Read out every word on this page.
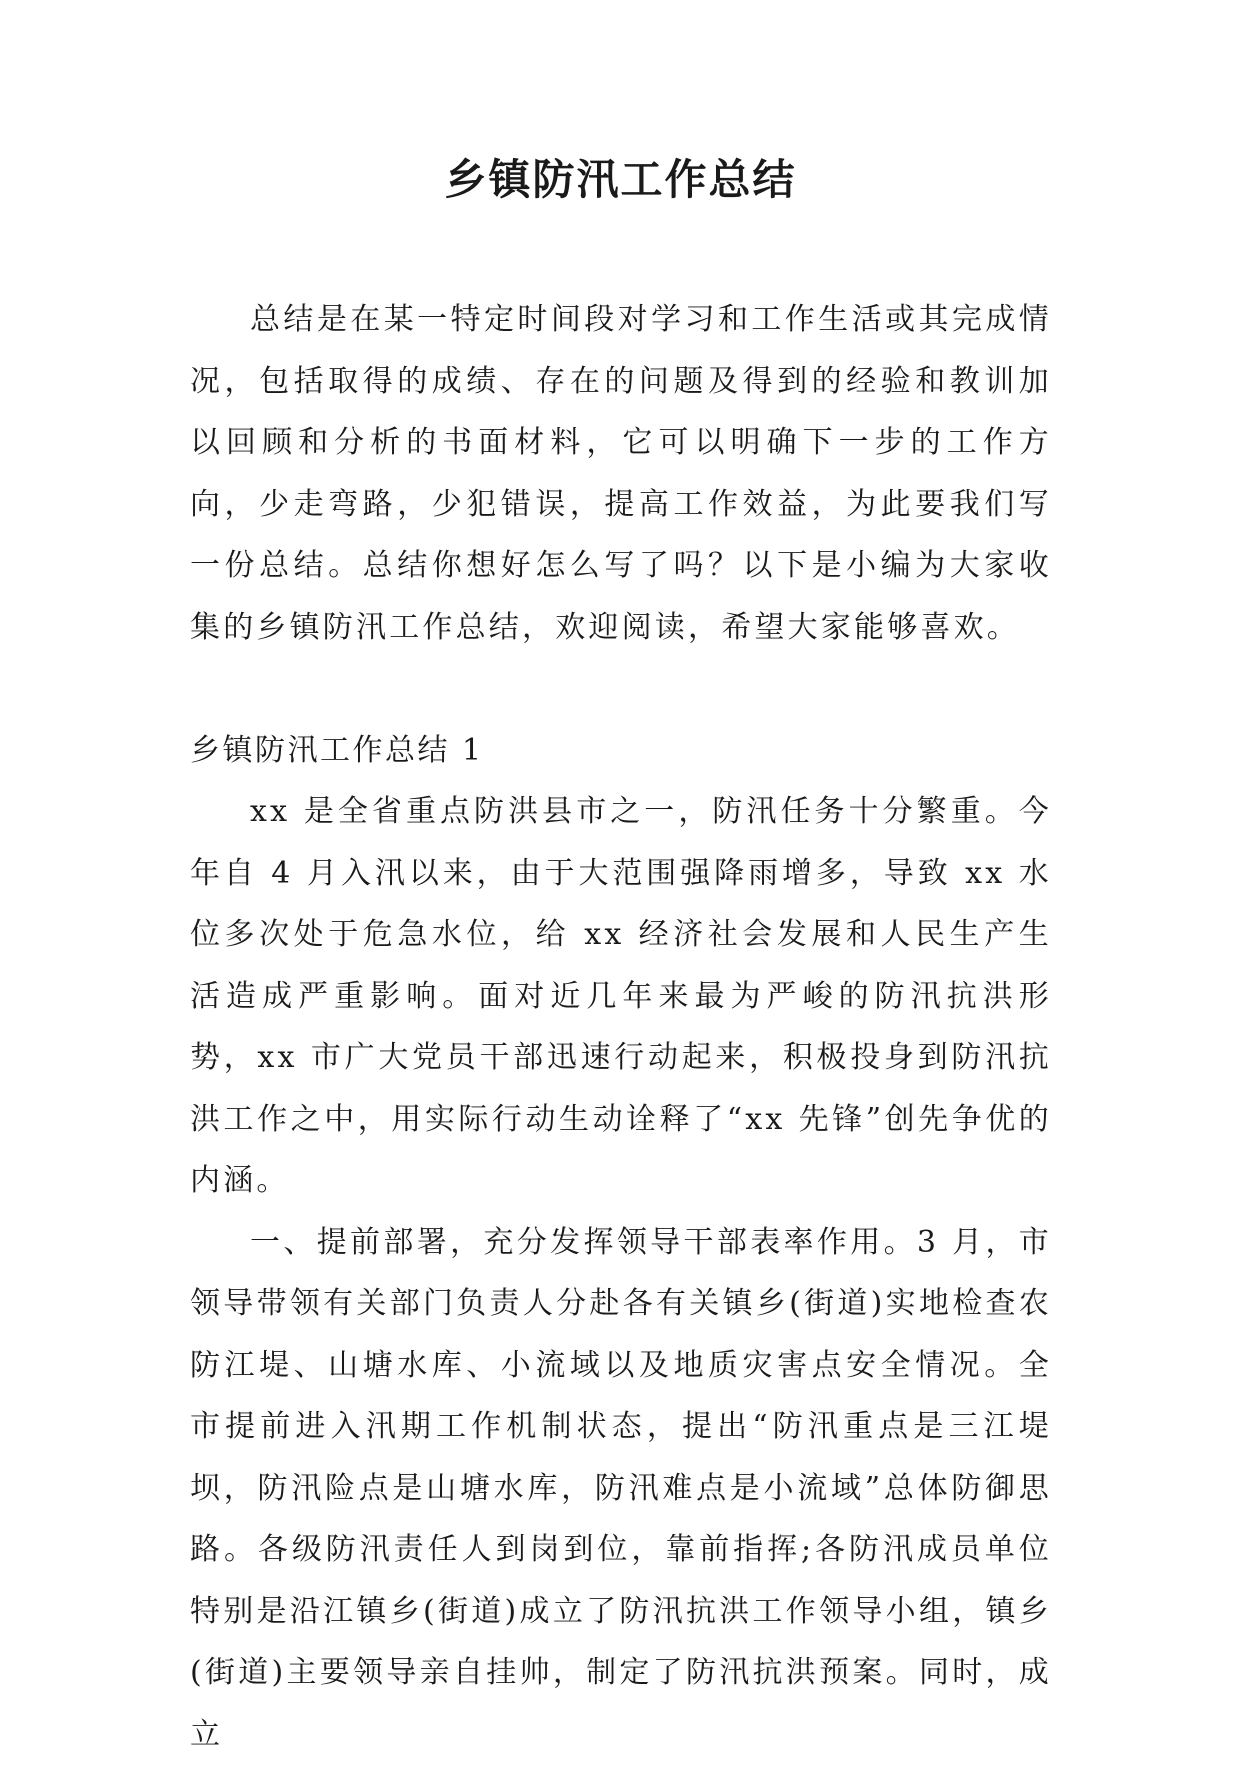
乡镇防汛工作总结

总结是在某一特定时间段对学习和工作生活或其完成情况，包括取得的成绩、存在的问题及得到的经验和教训加以回顾和分析的书面材料，它可以明确下一步的工作方向，少走弯路，少犯错误，提高工作效益，为此要我们写一份总结。总结你想好怎么写了吗？以下是小编为大家收集的乡镇防汛工作总结，欢迎阅读，希望大家能够喜欢。

乡镇防汛工作总结 1

xx 是全省重点防洪县市之一，防汛任务十分繁重。今年自 4 月入汛以来，由于大范围强降雨增多，导致 xx 水位多次处于危急水位，给 xx 经济社会发展和人民生产生活造成严重影响。面对近几年来最为严峻的防汛抗洪形势，xx 市广大党员干部迅速行动起来，积极投身到防汛抗洪工作之中，用实际行动生动诠释了“xx 先锋”创先争优的内涵。

一、提前部署，充分发挥领导干部表率作用。3 月，市领导带领有关部门负责人分赴各有关镇乡(街道)实地检查农防江堤、山塘水库、小流域以及地质灾害点安全情况。全市提前进入汛期工作机制状态，提出“防汛重点是三江堤坝，防汛险点是山塘水库，防汛难点是小流域”总体防御思路。各级防汛责任人到岗到位，靠前指挥;各防汛成员单位特别是沿江镇乡(街道)成立了防汛抗洪工作领导小组，镇乡(街道)主要领导亲自挂帅，制定了防汛抗洪预案。同时，成立
